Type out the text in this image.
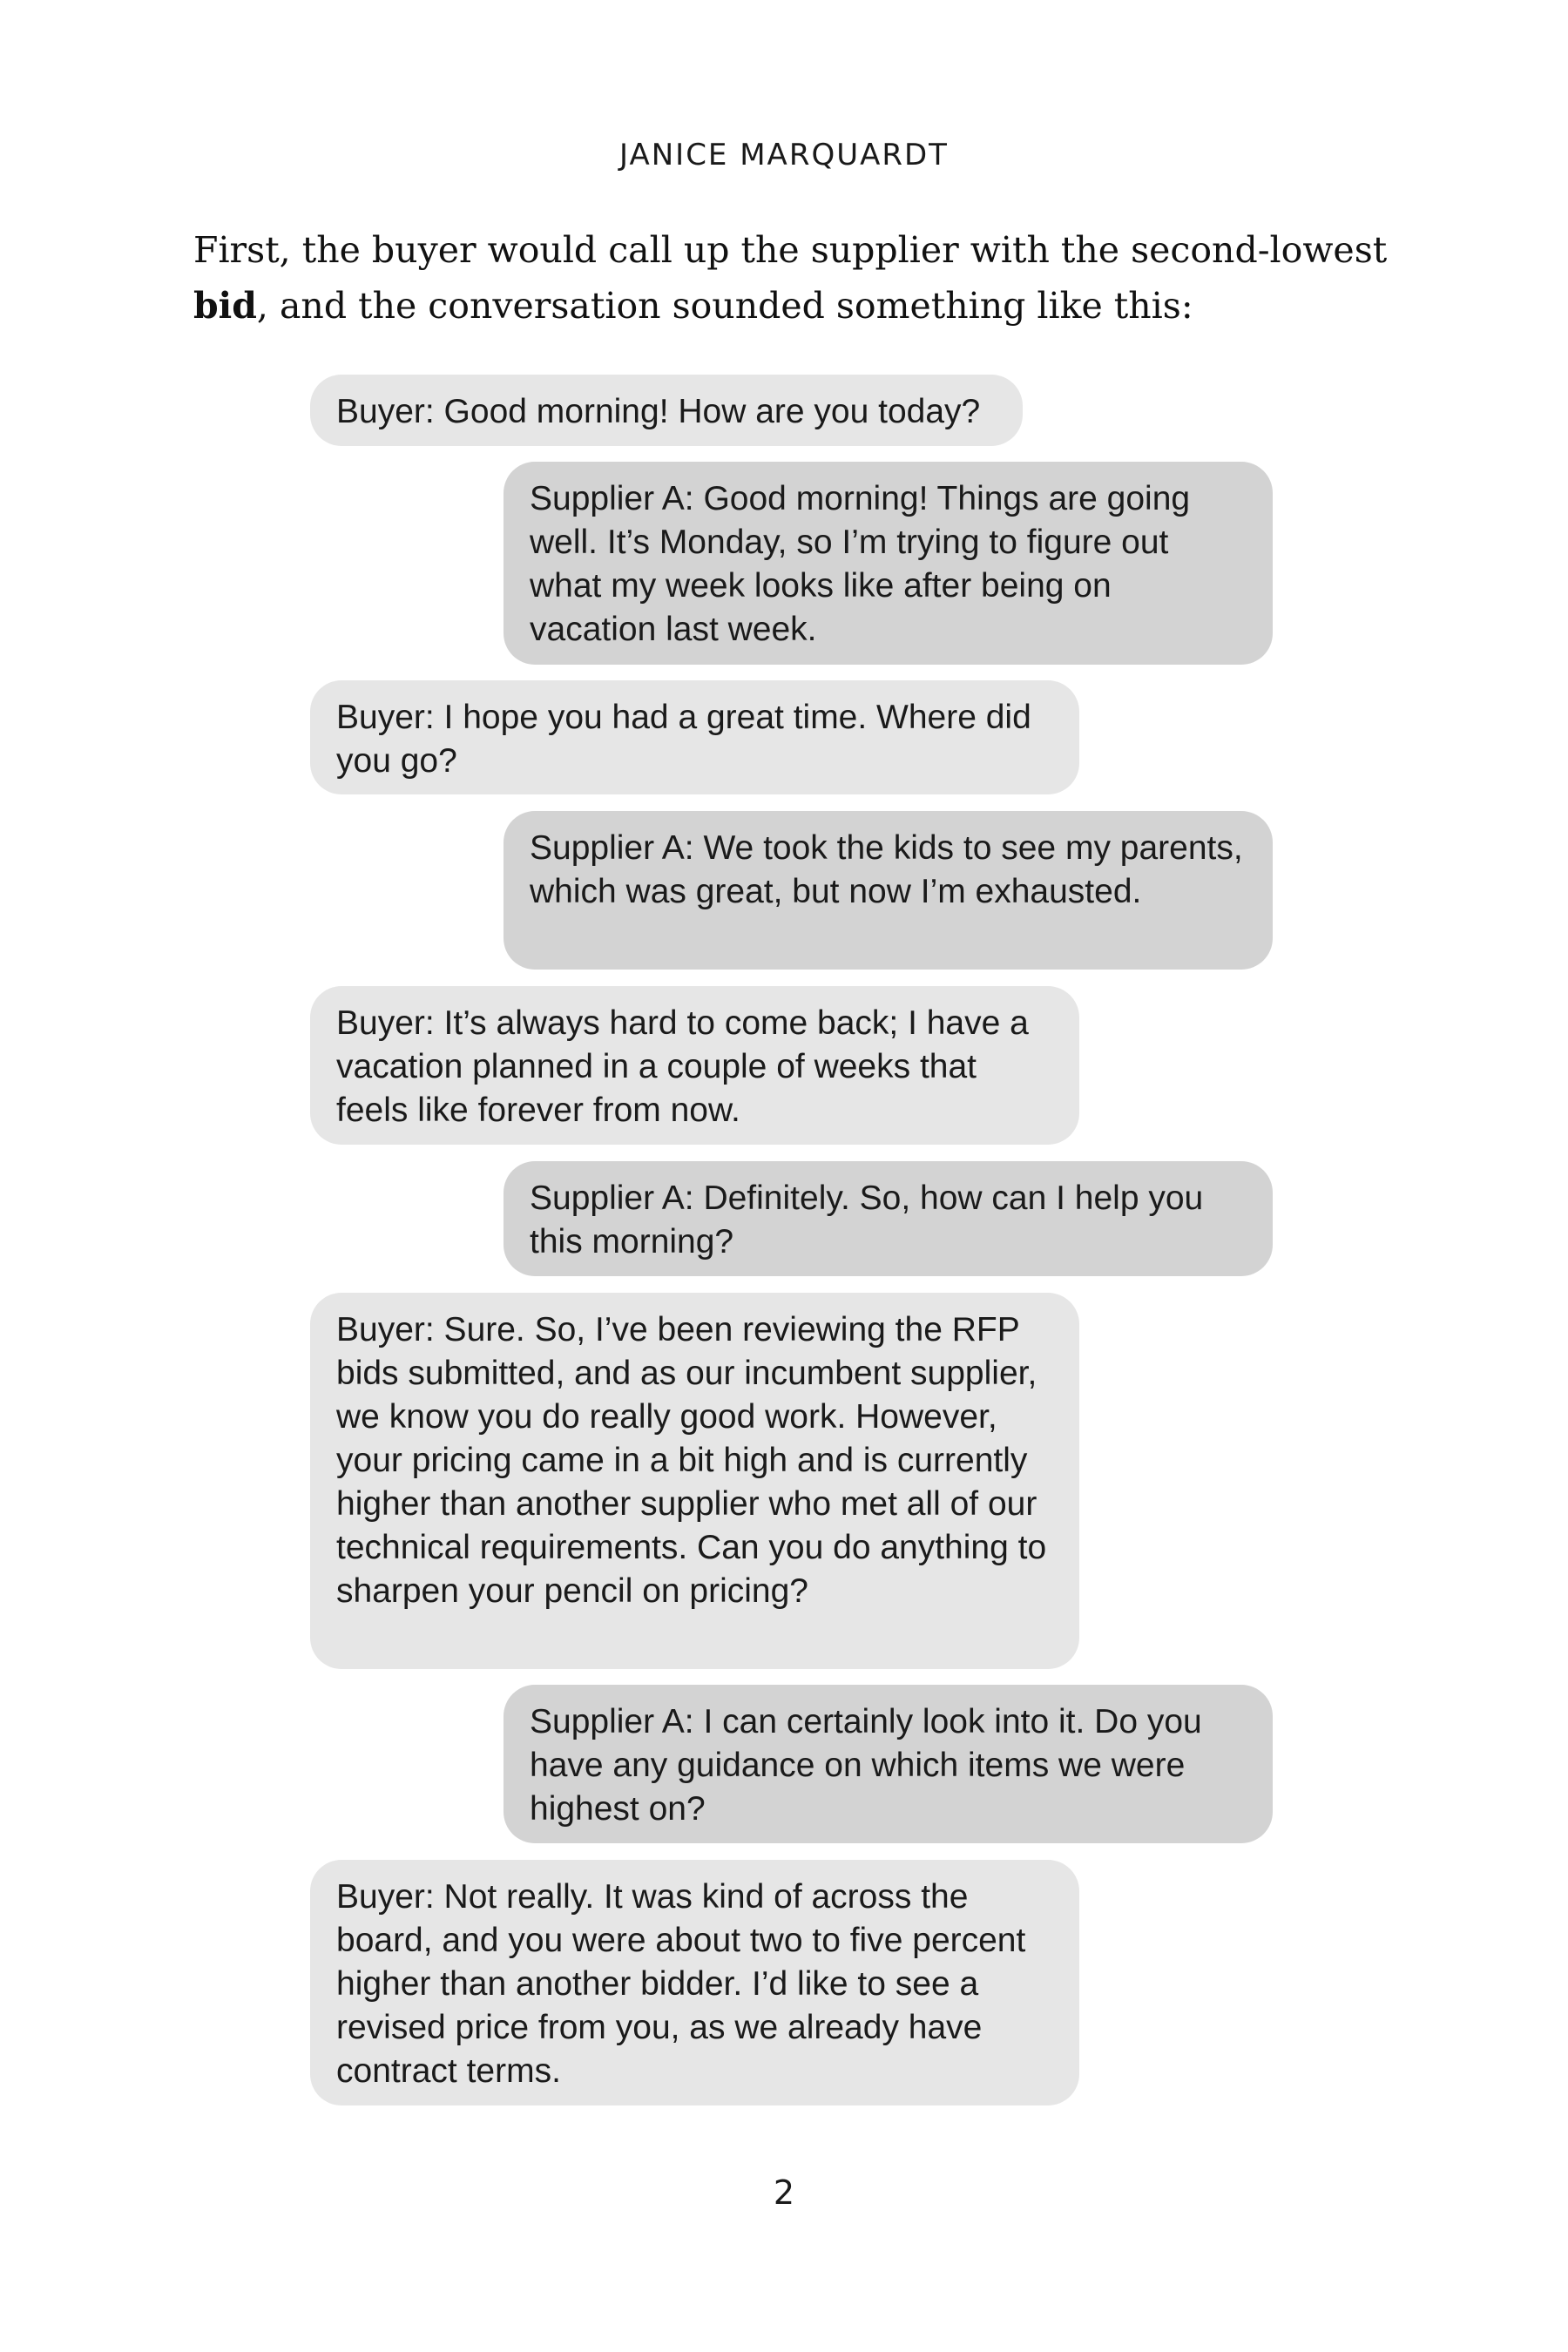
JANICE MARQUARDT

First, the buyer would call up the supplier with the second-lowest bid, and the conversation sounded something like this:

Buyer: Good morning! How are you today?
Supplier A: Good morning! Things are going well. It’s Monday, so I’m trying to figure out what my week looks like after being on vacation last week.
Buyer: I hope you had a great time. Where did you go?
Supplier A: We took the kids to see my parents, which was great, but now I’m exhausted.
Buyer: It’s always hard to come back; I have a vacation planned in a couple of weeks that feels like forever from now.
Supplier A: Definitely. So, how can I help you this morning?
Buyer: Sure. So, I’ve been reviewing the RFP bids submitted, and as our incumbent supplier, we know you do really good work. However, your pricing came in a bit high and is currently higher than another supplier who met all of our technical requirements. Can you do anything to sharpen your pencil on pricing?
Supplier A: I can certainly look into it. Do you have any guidance on which items we were highest on?
Buyer: Not really. It was kind of across the board, and you were about two to five percent higher than another bidder. I’d like to see a revised price from you, as we already have contract terms.
2
